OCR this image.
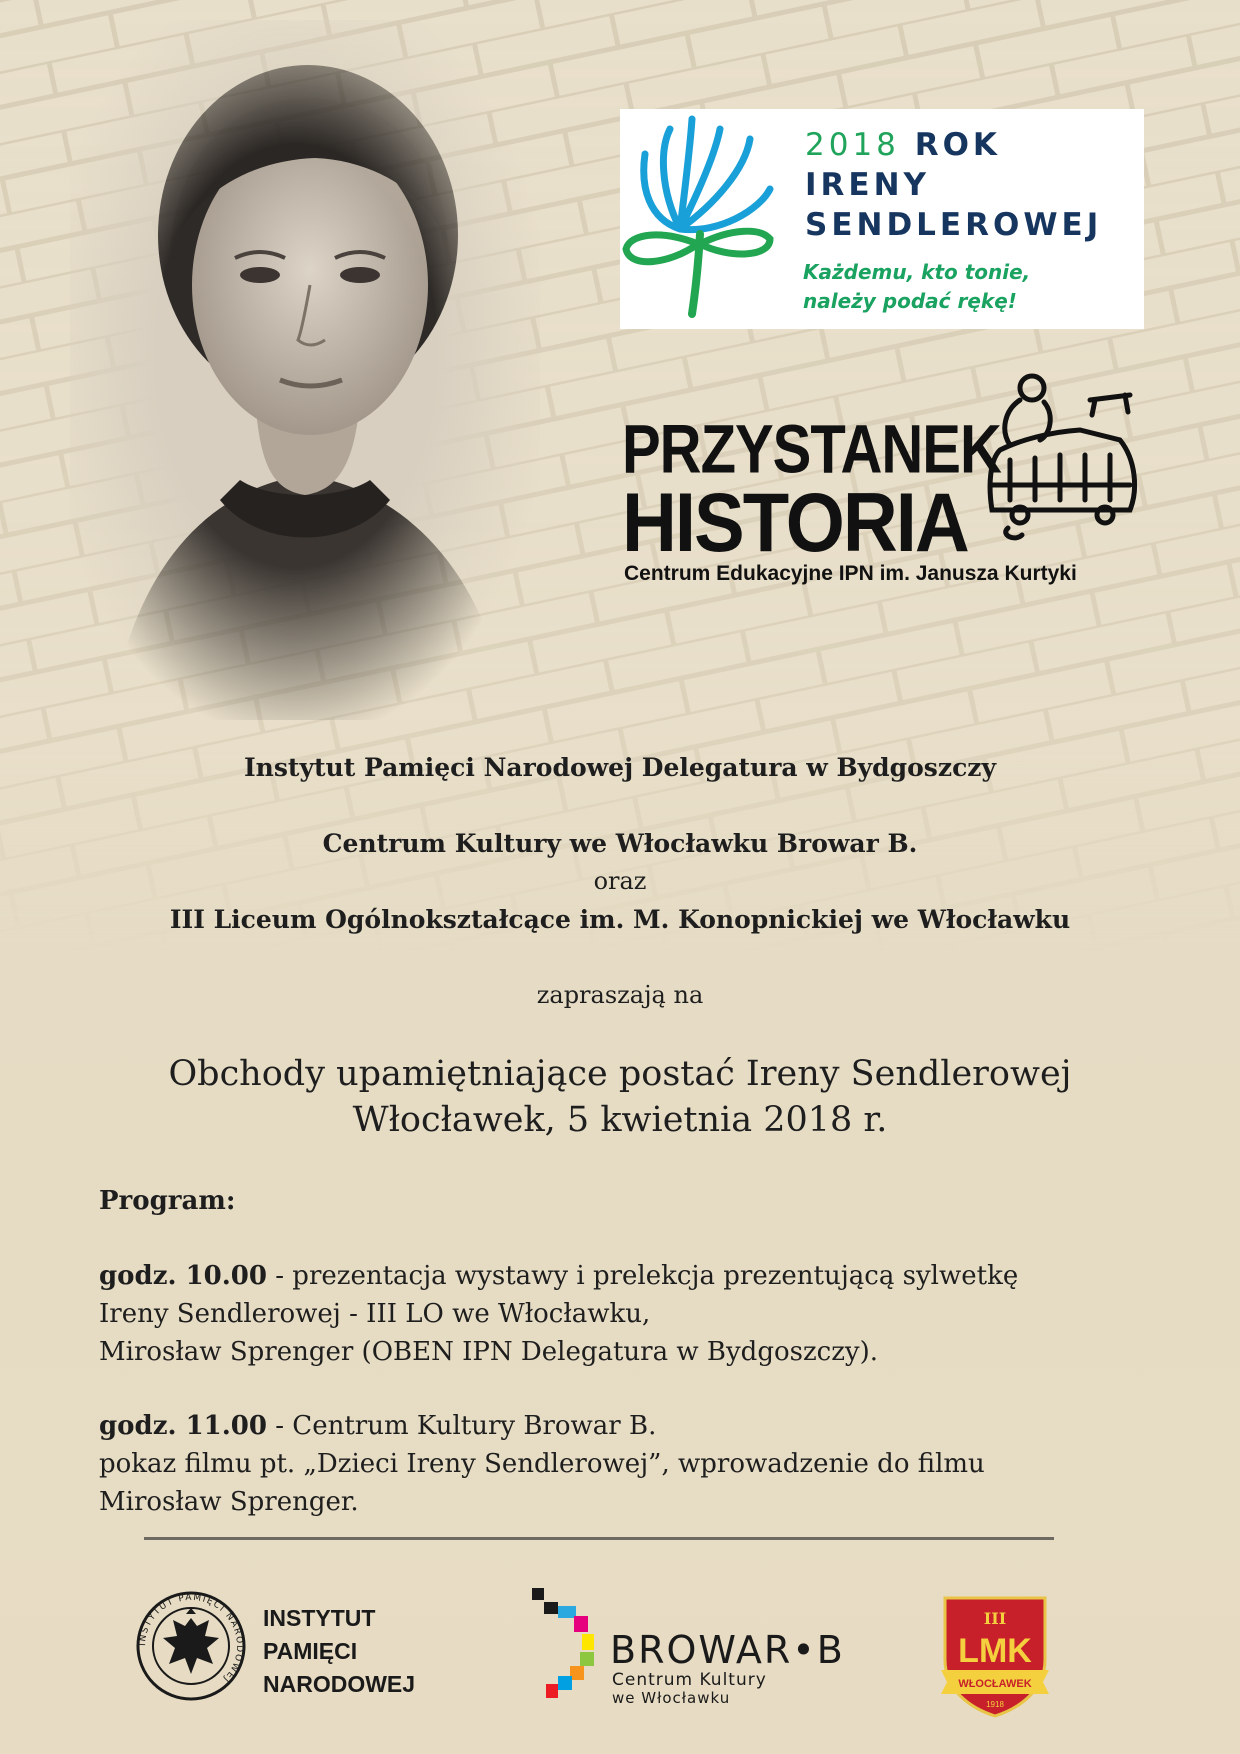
2018 ROK
IRENY
SENDLEROWEJ
Każdemu, kto tonie,
należy podać rękę!
PRZYSTANEK
HISTORIA
Centrum Edukacyjne IPN im. Janusza Kurtyki
Instytut Pamięci Narodowej Delegatura w Bydgoszczy
Centrum Kultury we Włocławku Browar B.
oraz
III Liceum Ogólnokształcące im. M. Konopnickiej we Włocławku
zapraszają na
Obchody upamiętniające postać Ireny Sendlerowej
Włocławek, 5 kwietnia 2018 r.
Program:
godz. 10.00 - prezentacja wystawy i prelekcja prezentującą sylwetkę
Ireny Sendlerowej - III LO we Włocławku,
Mirosław Sprenger (OBEN IPN Delegatura w Bydgoszczy).
godz. 11.00 - Centrum Kultury Browar B.
pokaz filmu pt. „Dzieci Ireny Sendlerowej”, wprowadzenie do filmu
Mirosław Sprenger.
INSTYTUT PAMIĘCI NARODOWEJ
INSTYTUT
PAMIĘCI
NARODOWEJ
BROWAR•B
Centrum Kultury
we Włocławku
III
LMK
WŁOCŁAWEK
1918
